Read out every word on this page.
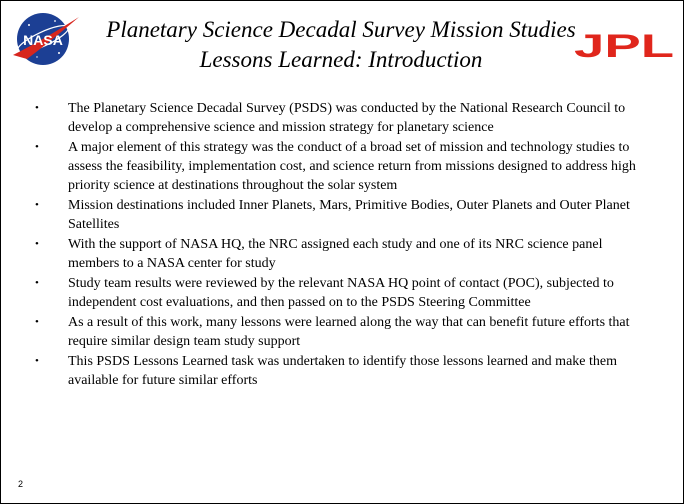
NASA	Planetary Science Decadal Survey Mission Studies
Lessons Learned: Introduction	JPL
• The Planetary Science Decadal Survey (PSDS) was conducted by the National Research Council to develop a comprehensive science and mission strategy for planetary science
• A major element of this strategy was the conduct of a broad set of mission and technology studies to assess the feasibility, implementation cost, and science return from missions designed to address high priority science at destinations throughout the solar system
• Mission destinations included Inner Planets, Mars, Primitive Bodies, Outer Planets and Outer Planet Satellites
• With the support of NASA HQ, the NRC assigned each study and one of its NRC science panel members to a NASA center for study
• Study team results were reviewed by the relevant NASA HQ point of contact (POC), subjected to independent cost evaluations, and then passed on to the PSDS Steering Committee
• As a result of this work, many lessons were learned along the way that can benefit future efforts that require similar design team study support
• This PSDS Lessons Learned task was undertaken to identify those lessons learned and make them available for future similar efforts
2
